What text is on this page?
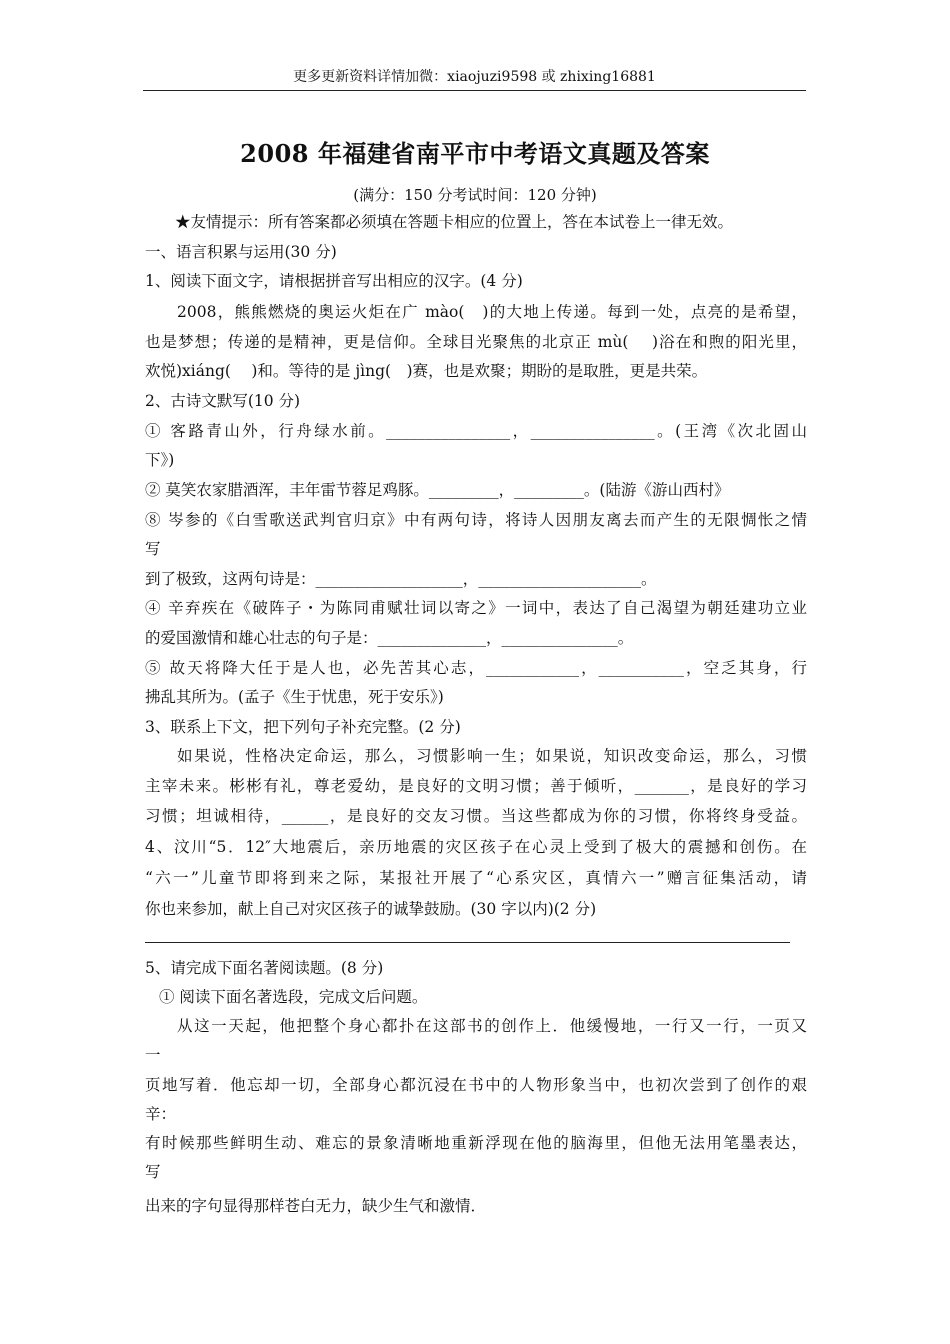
更多更新资料详情加微：xiaojuzi9598 或 zhixing16881
2008 年福建省南平市中考语文真题及答案
(满分：150 分考试时间：120 分钟)
★友情提示：所有答案都必须填在答题卡相应的位置上，答在本试卷上一律无效。
一、语言积累与运用(30 分)
1、阅读下面文字，请根据拼音写出相应的汉字。(4 分)
2008，熊熊燃烧的奥运火炬在广 mào(　)的大地上传递。每到一处，点亮的是希望，
也是梦想；传递的是精神，更是信仰。全球目光聚焦的北京正 mù(　 )浴在和煦的阳光里，
欢悦)xiáng(　 )和。等待的是 jìng(　)赛，也是欢聚；期盼的是取胜，更是共荣。
2、古诗文默写(10 分)
① 客路青山外，行舟绿水前。________________，________________。(王湾《次北固山
下》)
② 莫笑农家腊酒浑，丰年雷节蓉足鸡豚。_________，_________。(陆游《游山西村》
⑧ 岑参的《白雪歌送武判官归京》中有两句诗，将诗人因朋友离去而产生的无限惆怅之情
写
到了极致，这两句诗是：___________________，_____________________。
④ 辛弃疾在《破阵子・为陈同甫赋壮词以寄之》一词中，表达了自己渴望为朝廷建功立业
的爱国激情和雄心壮志的句子是：______________，_______________。
⑤ 故天将降大任于是人也，必先苦其心志，____________，___________，空乏其身，行
拂乱其所为。(孟子《生于忧患，死于安乐》)
3、联系上下文，把下列句子补充完整。(2 分)
如果说，性格决定命运，那么，习惯影响一生；如果说，知识改变命运，那么，习惯
主宰未来。彬彬有礼，尊老爱幼，是良好的文明习惯；善于倾听，_______，是良好的学习
习惯；坦诚相待，______，是良好的交友习惯。当这些都成为你的习惯，你将终身受益。
4、汶川“5．12″大地震后，亲历地震的灾区孩子在心灵上受到了极大的震撼和创伤。在
“六一”儿童节即将到来之际，某报社开展了“心系灾区，真情六一”赠言征集活动，请
你也来参加，献上自己对灾区孩子的诚挚鼓励。(30 字以内)(2 分)
5、请完成下面名著阅读题。(8 分)
① 阅读下面名著选段，完成文后问题。
从这一天起，他把整个身心都扑在这部书的创作上．他缓慢地，一行又一行，一页又
一
页地写着．他忘却一切，全部身心都沉浸在书中的人物形象当中，也初次尝到了创作的艰
辛：
有时候那些鲜明生动、难忘的景象清晰地重新浮现在他的脑海里，但他无法用笔墨表达，
写
出来的字句显得那样苍白无力，缺少生气和激情．
